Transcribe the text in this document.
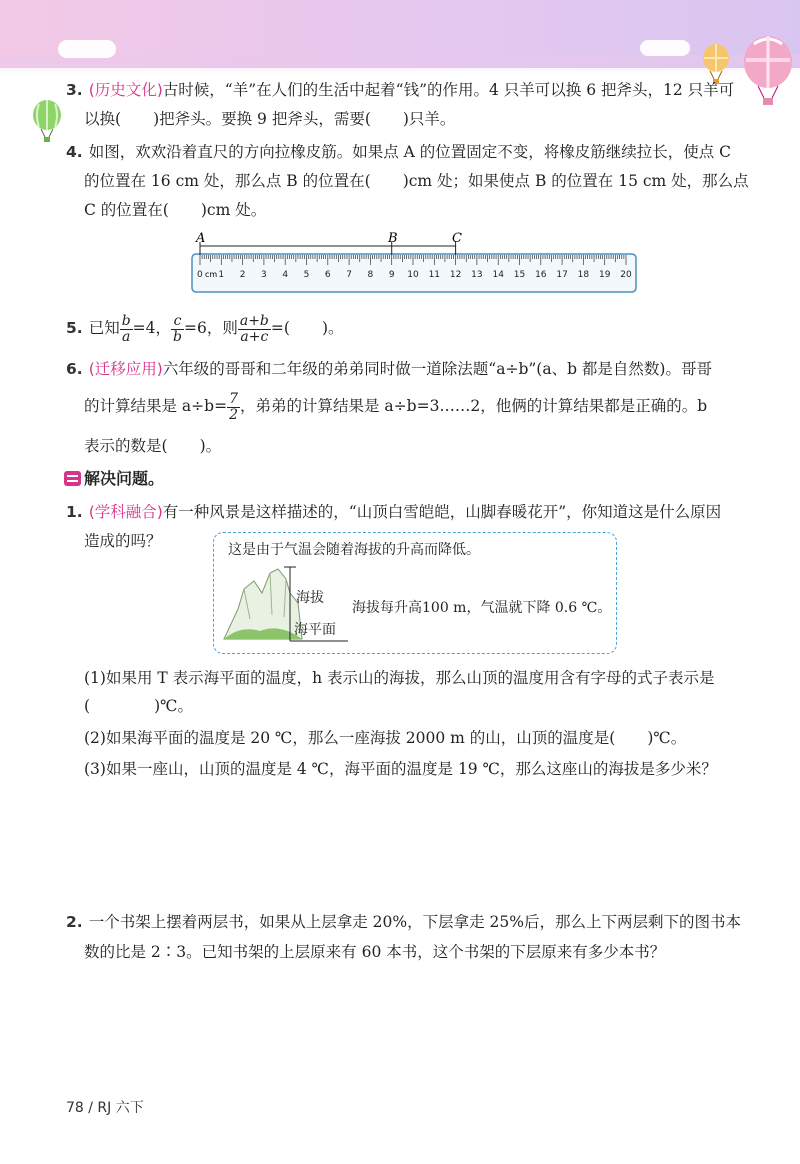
3. (历史文化)古时候，“羊”在人们的生活中起着“钱”的作用。4 只羊可以换 6 把斧头，12 只羊可
以换( )把斧头。要换 9 把斧头，需要( )只羊。
4. 如图，欢欢沿着直尺的方向拉橡皮筋。如果点 A 的位置固定不变，将橡皮筋继续拉长，使点 C
的位置在 16 cm 处，那么点 B 的位置在( )cm 处；如果使点 B 的位置在 15 cm 处，那么点
C 的位置在( )cm 处。
0 1 2 3 4 5 6 7 8 9 10 11 12 13 14 15 16 17 18 19 20
A	B	C
cm
5. 已知 $\frac{b}{a} =4$， $\frac{c}{b} =6$，则 $\frac{a+b}{a+c}$ =( )。
6. (迁移应用)六年级的哥哥和二年级的弟弟同时做一道除法题“a÷b”(a、b 都是自然数)。哥哥
的计算结果是 $a\div b= \frac{7}{2}$ ，弟弟的计算结果是 a÷b=3……2，他俩的计算结果都是正确的。b
表示的数是( )。
解决问题。
1. (学科融合)有一种风景是这样描述的，“山顶白雪皑皑，山脚春暖花开”，你知道这是什么原因
造成的吗？	这是由于气温会随着海拔的升高而降低。
海拔
海平面
海拔每升高100 m，气温就下降 0.6 ℃。
(1)如果用 T 表示海平面的温度，h 表示山的海拔，那么山顶的温度用含有字母的式子表示是
(	)℃。
(2)如果海平面的温度是 20 ℃，那么一座海拔 2000 m 的山，山顶的温度是( )℃。
(3)如果一座山，山顶的温度是 4 ℃，海平面的温度是 19 ℃，那么这座山的海拔是多少米？
2. 一个书架上摆着两层书，如果从上层拿走 20%，下层拿走 25%后，那么上下两层剩下的图书本
数的比是 2∶3。已知书架的上层原来有 60 本书，这个书架的下层原来有多少本书？
78 / RJ 六下
